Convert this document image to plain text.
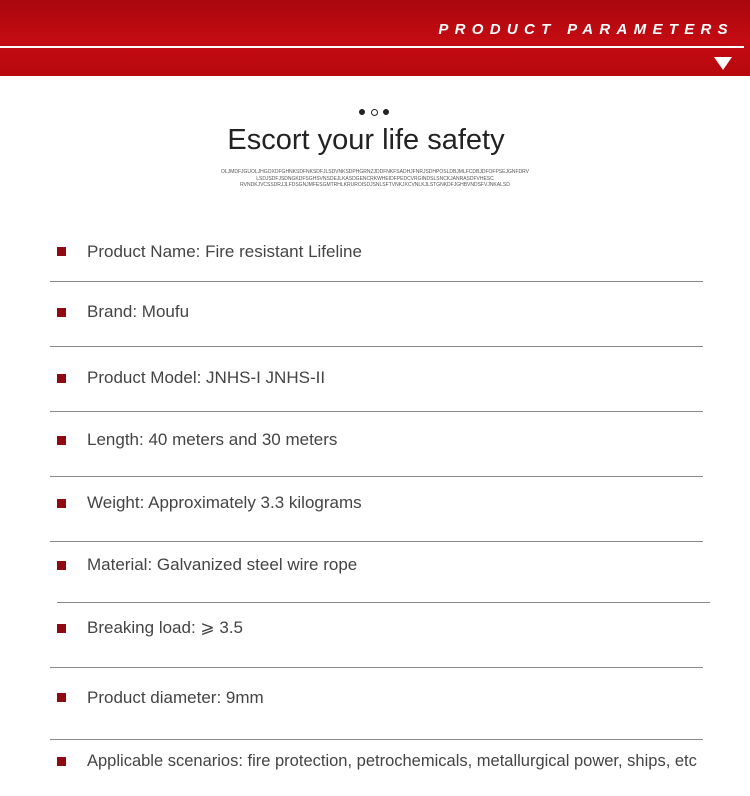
PRODUCT PARAMETERS
Escort your life safety
OLJMDFJGUOLJHGOXDFGHNKSDFNKSDFJLSDVNKSDPHGRNZJDDFNKFSADHJFNRJSDHPOSLDBJMLFCDBJDFOFPSEJGNFDRV
LSDJSDFJSDNGKDFSGHSVNSDEJLKASDGENCRKWHEIDFPEDCVRGINDSLSNCKJANRASDFVHESC
RVNDKJVCSSDRJJLFDSGNJMFESGMTRHLKRUROISDJSNLSFTVNKJXCVNLKJLSTGNKDFJGHBVNDSFVJNKALSD
Product Name: Fire resistant Lifeline
Brand: Moufu
Product Model: JNHS-I JNHS-II
Length: 40 meters and 30 meters
Weight: Approximately 3.3 kilograms
Material: Galvanized steel wire rope
Breaking load: ⩾ 3.5
Product diameter: 9mm
Applicable scenarios: fire protection, petrochemicals, metallurgical power, ships, etc
